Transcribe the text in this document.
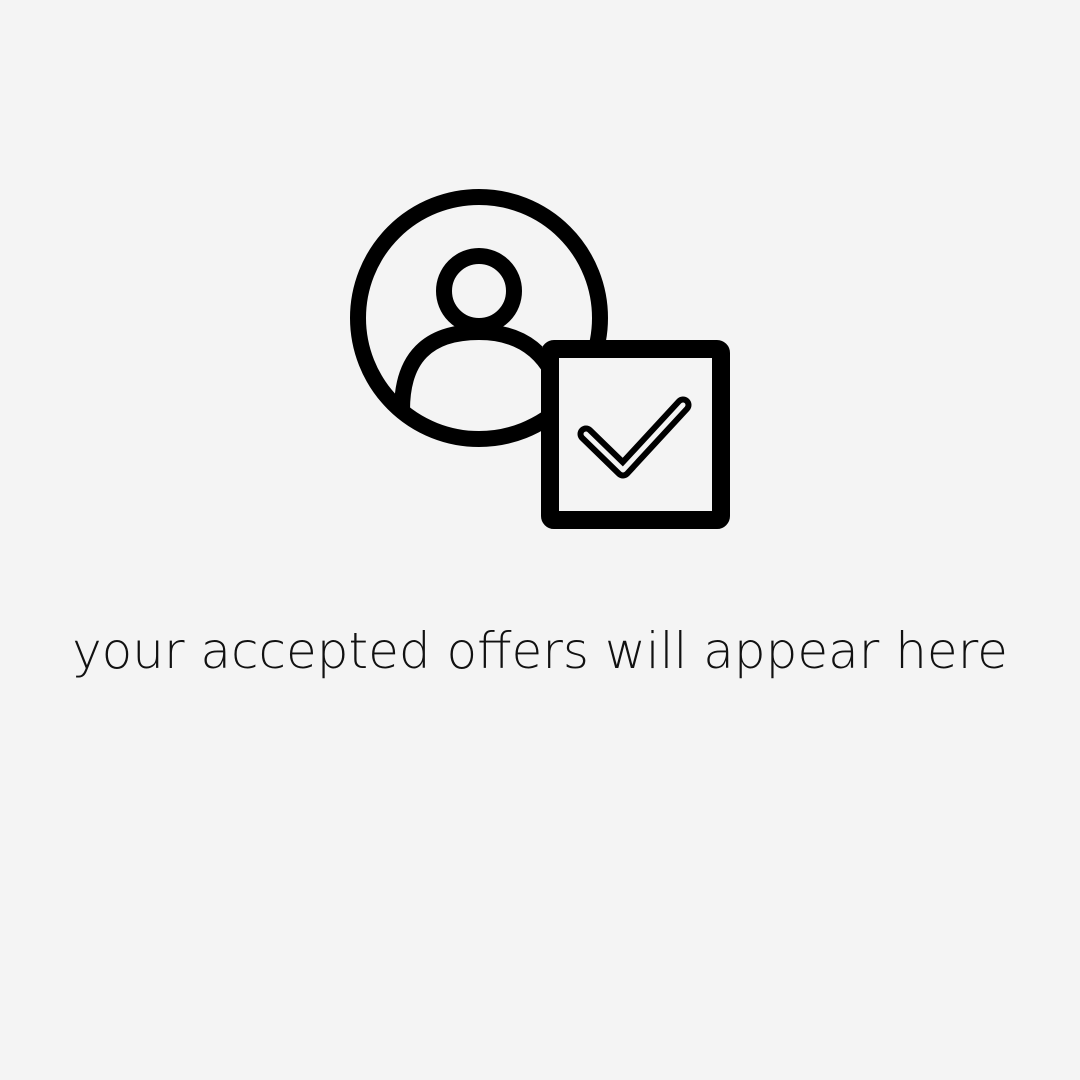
your accepted offers will appear here
